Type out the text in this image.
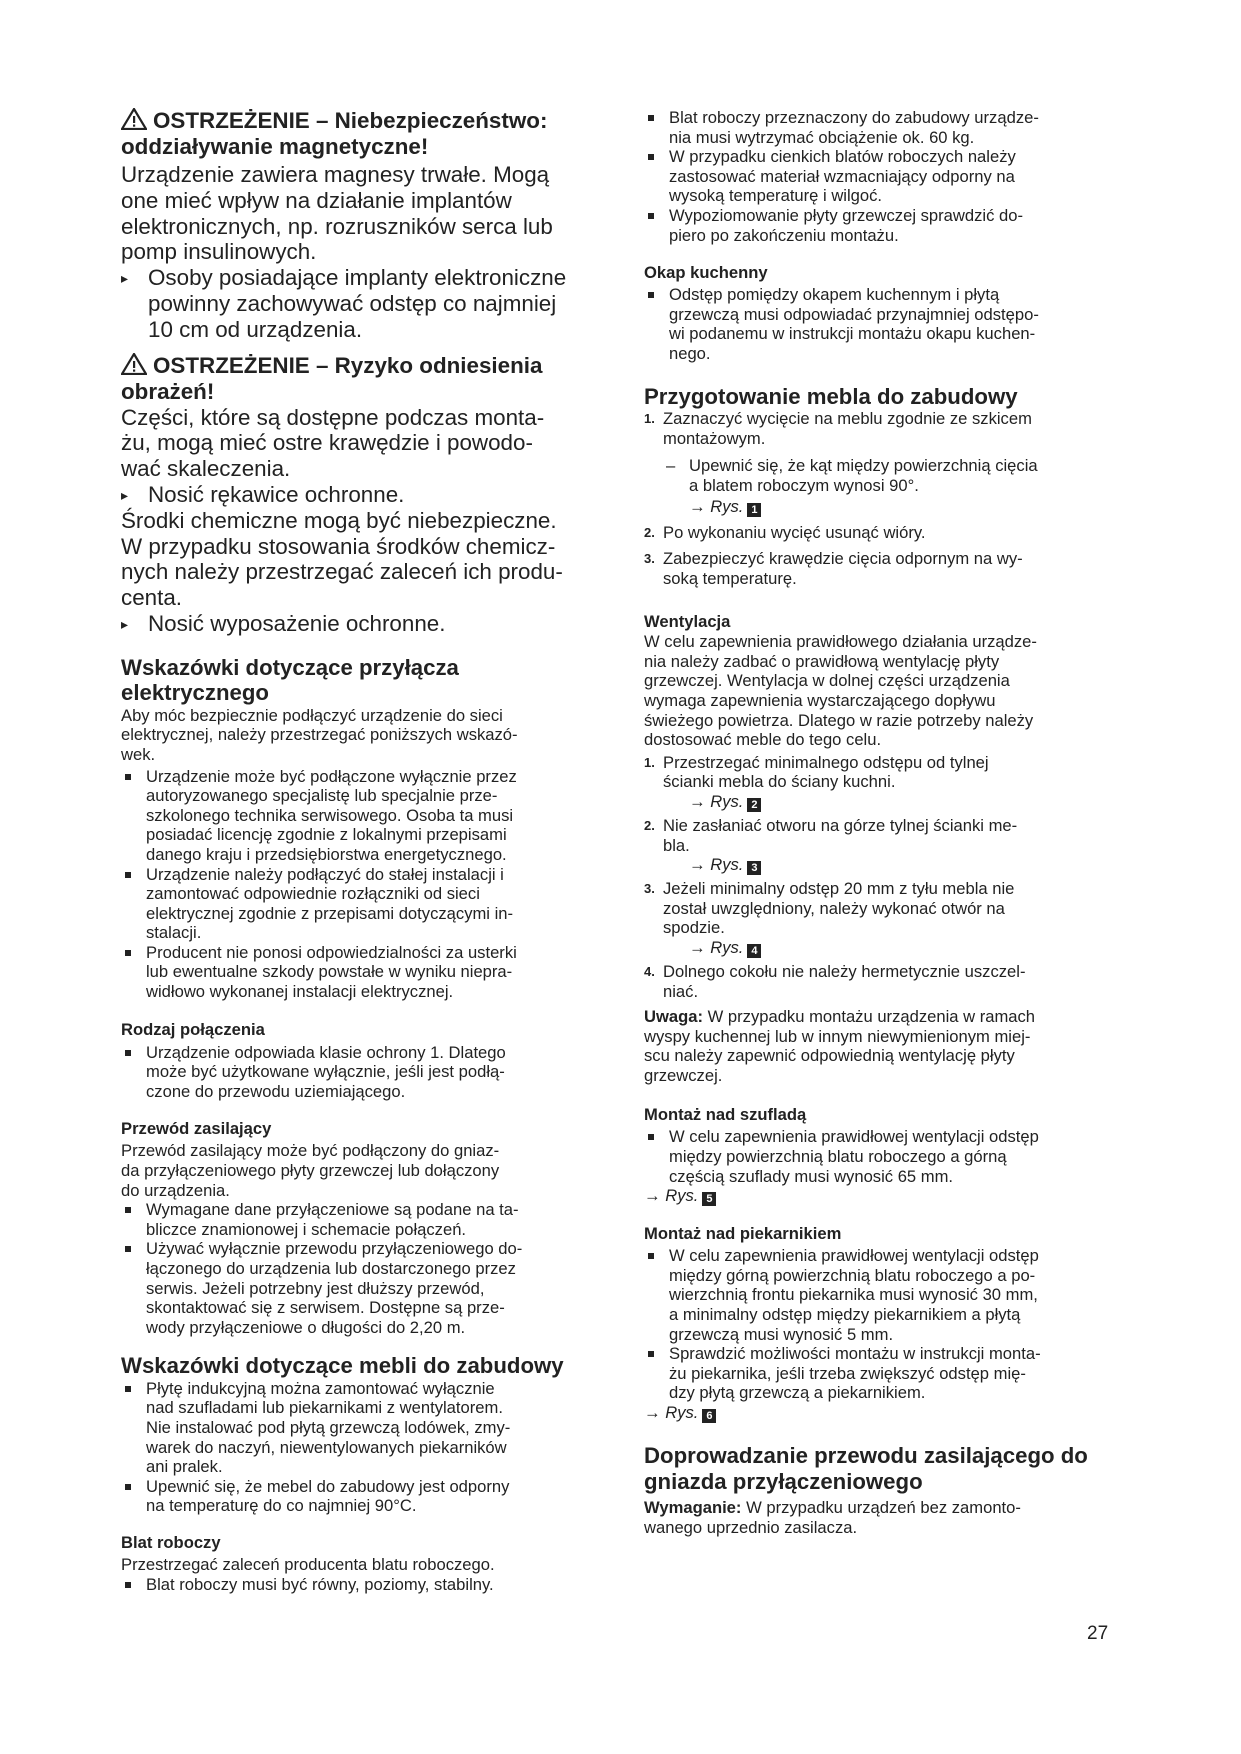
OSTRZEŻENIE – Niebezpieczeństwo:
oddziaływanie magnetyczne!
Urządzenie zawiera magnesy trwałe. Mogą
one mieć wpływ na działanie implantów
elektronicznych, np. rozruszników serca lub
pomp insulinowych.
▸ Osoby posiadające implanty elektroniczne
powinny zachowywać odstęp co najmniej
10 cm od urządzenia.
OSTRZEŻENIE – Ryzyko odniesienia
obrażeń!
Części, które są dostępne podczas monta-
żu, mogą mieć ostre krawędzie i powodo-
wać skaleczenia.
▸ Nosić rękawice ochronne.
Środki chemiczne mogą być niebezpieczne.
W przypadku stosowania środków chemicz-
nych należy przestrzegać zaleceń ich produ-
centa.
▸ Nosić wyposażenie ochronne.
Wskazówki dotyczące przyłącza
elektrycznego
Aby móc bezpiecznie podłączyć urządzenie do sieci
elektrycznej, należy przestrzegać poniższych wskazó-
wek.
Urządzenie może być podłączone wyłącznie przez
autoryzowanego specjalistę lub specjalnie prze-
szkolonego technika serwisowego. Osoba ta musi
posiadać licencję zgodnie z lokalnymi przepisami
danego kraju i przedsiębiorstwa energetycznego.
Urządzenie należy podłączyć do stałej instalacji i
zamontować odpowiednie rozłączniki od sieci
elektrycznej zgodnie z przepisami dotyczącymi in-
stalacji.
Producent nie ponosi odpowiedzialności za usterki
lub ewentualne szkody powstałe w wyniku niepra-
widłowo wykonanej instalacji elektrycznej.
Rodzaj połączenia
Urządzenie odpowiada klasie ochrony 1. Dlatego
może być użytkowane wyłącznie, jeśli jest podłą-
czone do przewodu uziemiającego.
Przewód zasilający
Przewód zasilający może być podłączony do gniaz-
da przyłączeniowego płyty grzewczej lub dołączony
do urządzenia.
Wymagane dane przyłączeniowe są podane na ta-
bliczce znamionowej i schemacie połączeń.
Używać wyłącznie przewodu przyłączeniowego do-
łączonego do urządzenia lub dostarczonego przez
serwis. Jeżeli potrzebny jest dłuższy przewód,
skontaktować się z serwisem. Dostępne są prze-
wody przyłączeniowe o długości do 2,20 m.
Wskazówki dotyczące mebli do zabudowy
Płytę indukcyjną można zamontować wyłącznie
nad szufladami lub piekarnikami z wentylatorem.
Nie instalować pod płytą grzewczą lodówek, zmy-
warek do naczyń, niewentylowanych piekarników
ani pralek.
Upewnić się, że mebel do zabudowy jest odporny
na temperaturę do co najmniej 90°C.
Blat roboczy
Przestrzegać zaleceń producenta blatu roboczego.
Blat roboczy musi być równy, poziomy, stabilny.
Blat roboczy przeznaczony do zabudowy urządze-
nia musi wytrzymać obciążenie ok. 60 kg.
W przypadku cienkich blatów roboczych należy
zastosować materiał wzmacniający odporny na
wysoką temperaturę i wilgoć.
Wypoziomowanie płyty grzewczej sprawdzić do-
piero po zakończeniu montażu.
Okap kuchenny
Odstęp pomiędzy okapem kuchennym i płytą
grzewczą musi odpowiadać przynajmniej odstępo-
wi podanemu w instrukcji montażu okapu kuchen-
nego.
Przygotowanie mebla do zabudowy
1. Zaznaczyć wycięcie na meblu zgodnie ze szkicem
montażowym.
– Upewnić się, że kąt między powierzchnią cięcia
a blatem roboczym wynosi 90°.
→ Rys. 1
2. Po wykonaniu wycięć usunąć wióry.
3. Zabezpieczyć krawędzie cięcia odpornym na wy-
soką temperaturę.
Wentylacja
W celu zapewnienia prawidłowego działania urządze-
nia należy zadbać o prawidłową wentylację płyty
grzewczej. Wentylacja w dolnej części urządzenia
wymaga zapewnienia wystarczającego dopływu
świeżego powietrza. Dlatego w razie potrzeby należy
dostosować meble do tego celu.
1. Przestrzegać minimalnego odstępu od tylnej
ścianki mebla do ściany kuchni.
→ Rys. 2
2. Nie zasłaniać otworu na górze tylnej ścianki me-
bla.
→ Rys. 3
3. Jeżeli minimalny odstęp 20 mm z tyłu mebla nie
został uwzględniony, należy wykonać otwór na
spodzie.
→ Rys. 4
4. Dolnego cokołu nie należy hermetycznie uszczel-
niać.
Uwaga: W przypadku montażu urządzenia w ramach
wyspy kuchennej lub w innym niewymienionym miej-
scu należy zapewnić odpowiednią wentylację płyty
grzewczej.
Montaż nad szufladą
W celu zapewnienia prawidłowej wentylacji odstęp
między powierzchnią blatu roboczego a górną
częścią szuflady musi wynosić 65 mm.
→ Rys. 5
Montaż nad piekarnikiem
W celu zapewnienia prawidłowej wentylacji odstęp
między górną powierzchnią blatu roboczego a po-
wierzchnią frontu piekarnika musi wynosić 30 mm,
a minimalny odstęp między piekarnikiem a płytą
grzewczą musi wynosić 5 mm.
Sprawdzić możliwości montażu w instrukcji monta-
żu piekarnika, jeśli trzeba zwiększyć odstęp mię-
dzy płytą grzewczą a piekarnikiem.
→ Rys. 6
Doprowadzanie przewodu zasilającego do
gniazda przyłączeniowego
Wymaganie: W przypadku urządzeń bez zamonto-
wanego uprzednio zasilacza.
27
